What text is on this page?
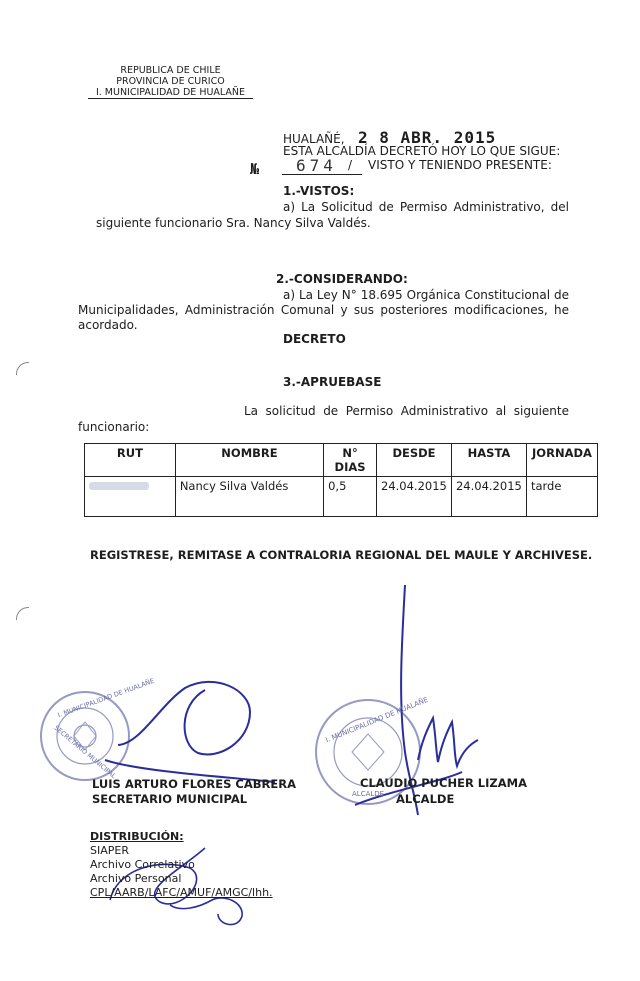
REPUBLICA DE CHILE
PROVINCIA DE CURICO
I. MUNICIPALIDAD DE HUALAÑE
HUALAÑÉ, 2 8 ABR. 2015
ESTA ALCALDÍA DECRETÓ HOY LO QUE SIGUE:
№ 674 / VISTO Y TENIENDO PRESENTE:
1.-VISTOS:
a) La Solicitud de Permiso Administrativo, del
siguiente funcionario Sra. Nancy Silva Valdés.
2.-CONSIDERANDO:
a) La Ley N° 18.695 Orgánica Constitucional de
Municipalidades, Administración Comunal y sus posteriores modificaciones, he
acordado.
DECRETO
3.-APRUEBASE
La solicitud de Permiso Administrativo al siguiente
funcionario:
RUT	NOMBRE	N° DIAS	DESDE	HASTA	JORNADA

	Nancy Silva Valdés	0,5	24.04.2015	24.04.2015	tarde
REGISTRESE, REMITASE A CONTRALORIA REGIONAL DEL MAULE Y ARCHIVESE.
I. MUNICIPALIDAD DE HUALAÑE
SECRETARIO MUNICIPAL
I. MUNICIPALIDAD DE HUALAÑE
ALCALDE
LUIS ARTURO FLORES CABRERA
SECRETARIO MUNICIPAL
CLAUDIO PUCHER LIZAMA
ALCALDE
DISTRIBUCIÓN:
SIAPER
Archivo Correlativo
Archivo Personal
CPL/AARB/LAFC/AMUF/AMGC/lhh.
